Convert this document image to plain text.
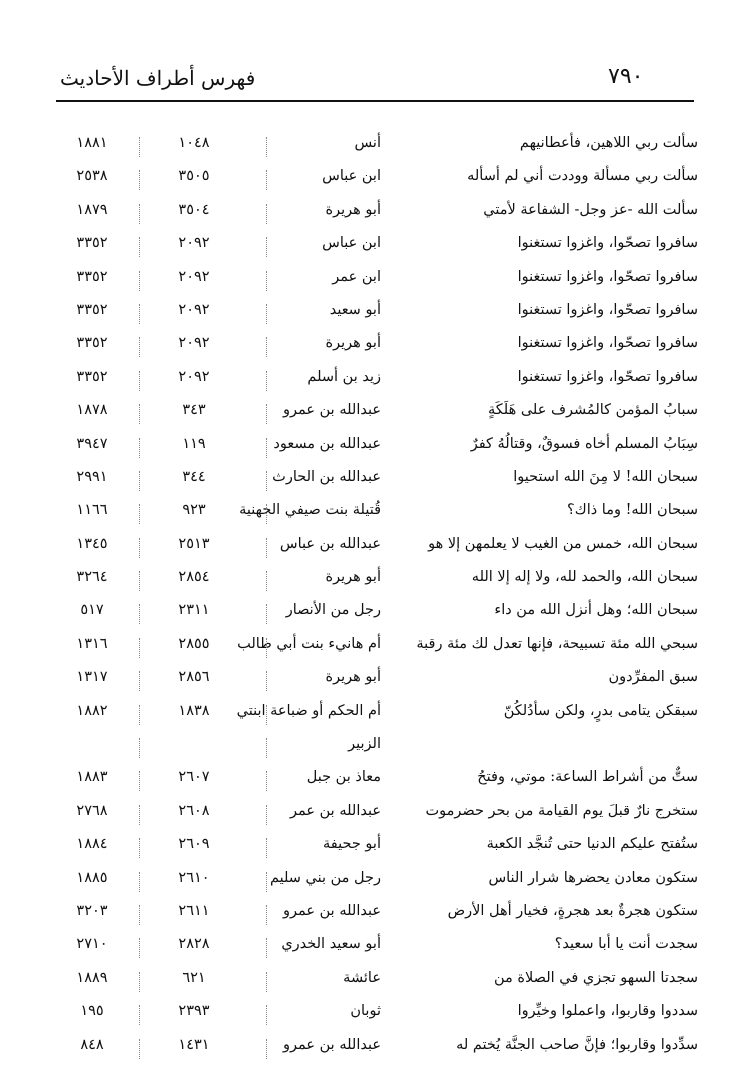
٧٩٠
فهرس أطراف الأحاديث
سألت ربي اللاهين، فأعطانيهم
أنس
١٠٤٨
١٨٨١
سألت ربي مسألة ووددت أني لم أسأله
ابن عباس
٣٥٠٥
٢٥٣٨
سألت الله -عز وجل- الشفاعة لأمتي
أبو هريرة
٣٥٠٤
١٨٧٩
سافروا تصحّوا، واغزوا تستغنوا
ابن عباس
٢٠٩٢
٣٣٥٢
سافروا تصحّوا، واغزوا تستغنوا
ابن عمر
٢٠٩٢
٣٣٥٢
سافروا تصحّوا، واغزوا تستغنوا
أبو سعيد
٢٠٩٢
٣٣٥٢
سافروا تصحّوا، واغزوا تستغنوا
أبو هريرة
٢٠٩٢
٣٣٥٢
سافروا تصحّوا، واغزوا تستغنوا
زيد بن أسلم
٢٠٩٢
٣٣٥٢
سبابُ المؤمن كالمُشرف على هَلَكَةٍ
عبدالله بن عمرو
٣٤٣
١٨٧٨
سِبَابُ المسلم أخاه فسوقٌ، وقتالُهُ كفرٌ
عبدالله بن مسعود
١١٩
٣٩٤٧
سبحان الله! لا مِنَ الله استحيوا
عبدالله بن الحارث
٣٤٤
٢٩٩١
سبحان الله! وما ذاك؟
قُتيلة بنت صيفي الجهنية
٩٢٣
١١٦٦
سبحان الله، خمس من الغيب لا يعلمهن إلا هو
عبدالله بن عباس
٢٥١٣
١٣٤٥
سبحان الله، والحمد لله، ولا إله إلا الله
أبو هريرة
٢٨٥٤
٣٢٦٤
سبحان الله؛ وهل أنزل الله من داء
رجل من الأنصار
٢٣١١
٥١٧
سبحي الله مئة تسبيحة، فإنها تعدل لك مئة رقبة
أم هانيء بنت أبي طالب
٢٨٥٥
١٣١٦
سبق المفرِّدون
أبو هريرة
٢٨٥٦
١٣١٧
سبقكن يتامى بدرٍ، ولكن سأدُلكُنّ
أم الحكم أو ضباعة ابنتي
١٨٣٨
١٨٨٢
الزبير
ستٌّ من أشراط الساعة: موتي، وفتحُ
معاذ بن جبل
٢٦٠٧
١٨٨٣
ستخرج نارٌ قبلَ يوم القيامة من بحر حضرموت
عبدالله بن عمر
٢٦٠٨
٢٧٦٨
ستُفتح عليكم الدنيا حتى تُنجَّد الكعبة
أبو جحيفة
٢٦٠٩
١٨٨٤
ستكون معادن يحضرها شرار الناس
رجل من بني سليم
٢٦١٠
١٨٨٥
ستكون هجرةٌ بعد هجرةٍ، فخيار أهل الأرض
عبدالله بن عمرو
٢٦١١
٣٢٠٣
سجدت أنت يا أبا سعيد؟
أبو سعيد الخدري
٢٨٢٨
٢٧١٠
سجدتا السهو تجزي في الصلاة من
عائشة
٦٢١
١٨٨٩
سددوا وقاربوا، واعملوا وخيِّروا
ثوبان
٢٣٩٣
١٩٥
سدِّدوا وقاربوا؛ فإنَّ صاحب الجنَّة يُختم له
عبدالله بن عمرو
١٤٣١
٨٤٨
